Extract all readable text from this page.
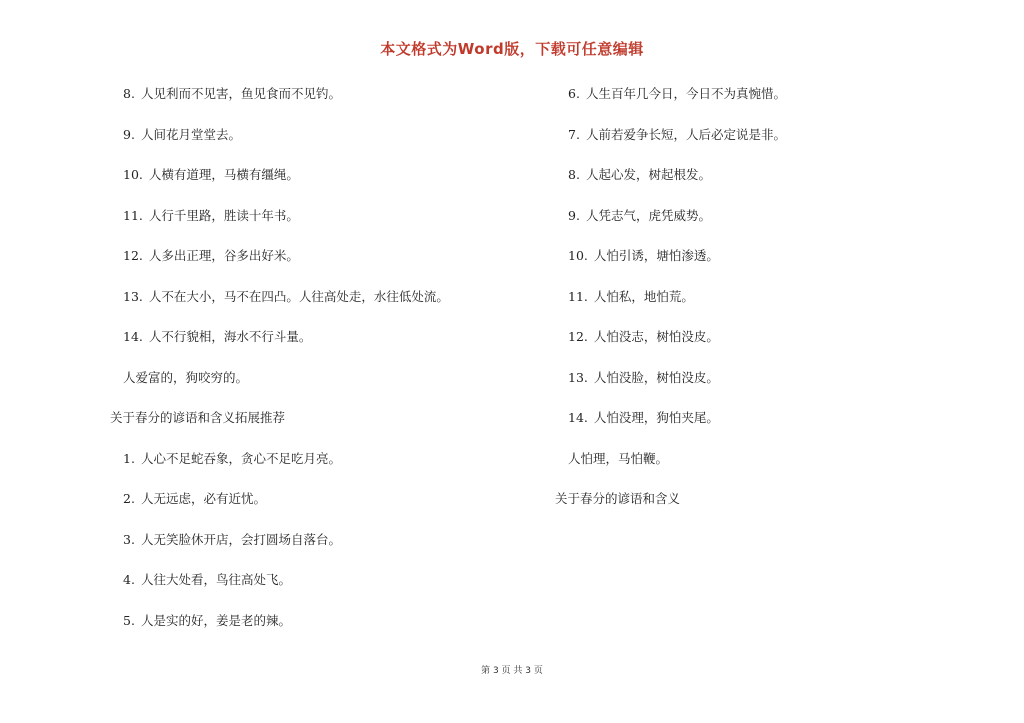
本文格式为Word版，下载可任意编辑
8. 人见利而不见害，鱼见食而不见钓。
9. 人间花月堂堂去。
10. 人横有道理，马横有缰绳。
11. 人行千里路，胜读十年书。
12. 人多出正理，谷多出好米。
13. 人不在大小，马不在四凸。人往高处走，水往低处流。
14. 人不行貌相，海水不行斗量。
人爱富的，狗咬穷的。
关于春分的谚语和含义拓展推荐
1. 人心不足蛇吞象，贪心不足吃月亮。
2. 人无远虑，必有近忧。
3. 人无笑脸休开店，会打圆场自落台。
4. 人往大处看，鸟往高处飞。
5. 人是实的好，姜是老的辣。
6. 人生百年几今日，今日不为真惋惜。
7. 人前若爱争长短，人后必定说是非。
8. 人起心发，树起根发。
9. 人凭志气，虎凭威势。
10. 人怕引诱，塘怕渗透。
11. 人怕私，地怕荒。
12. 人怕没志，树怕没皮。
13. 人怕没脸，树怕没皮。
14. 人怕没理，狗怕夹尾。
人怕理，马怕鞭。
关于春分的谚语和含义
第 3 页 共 3 页
